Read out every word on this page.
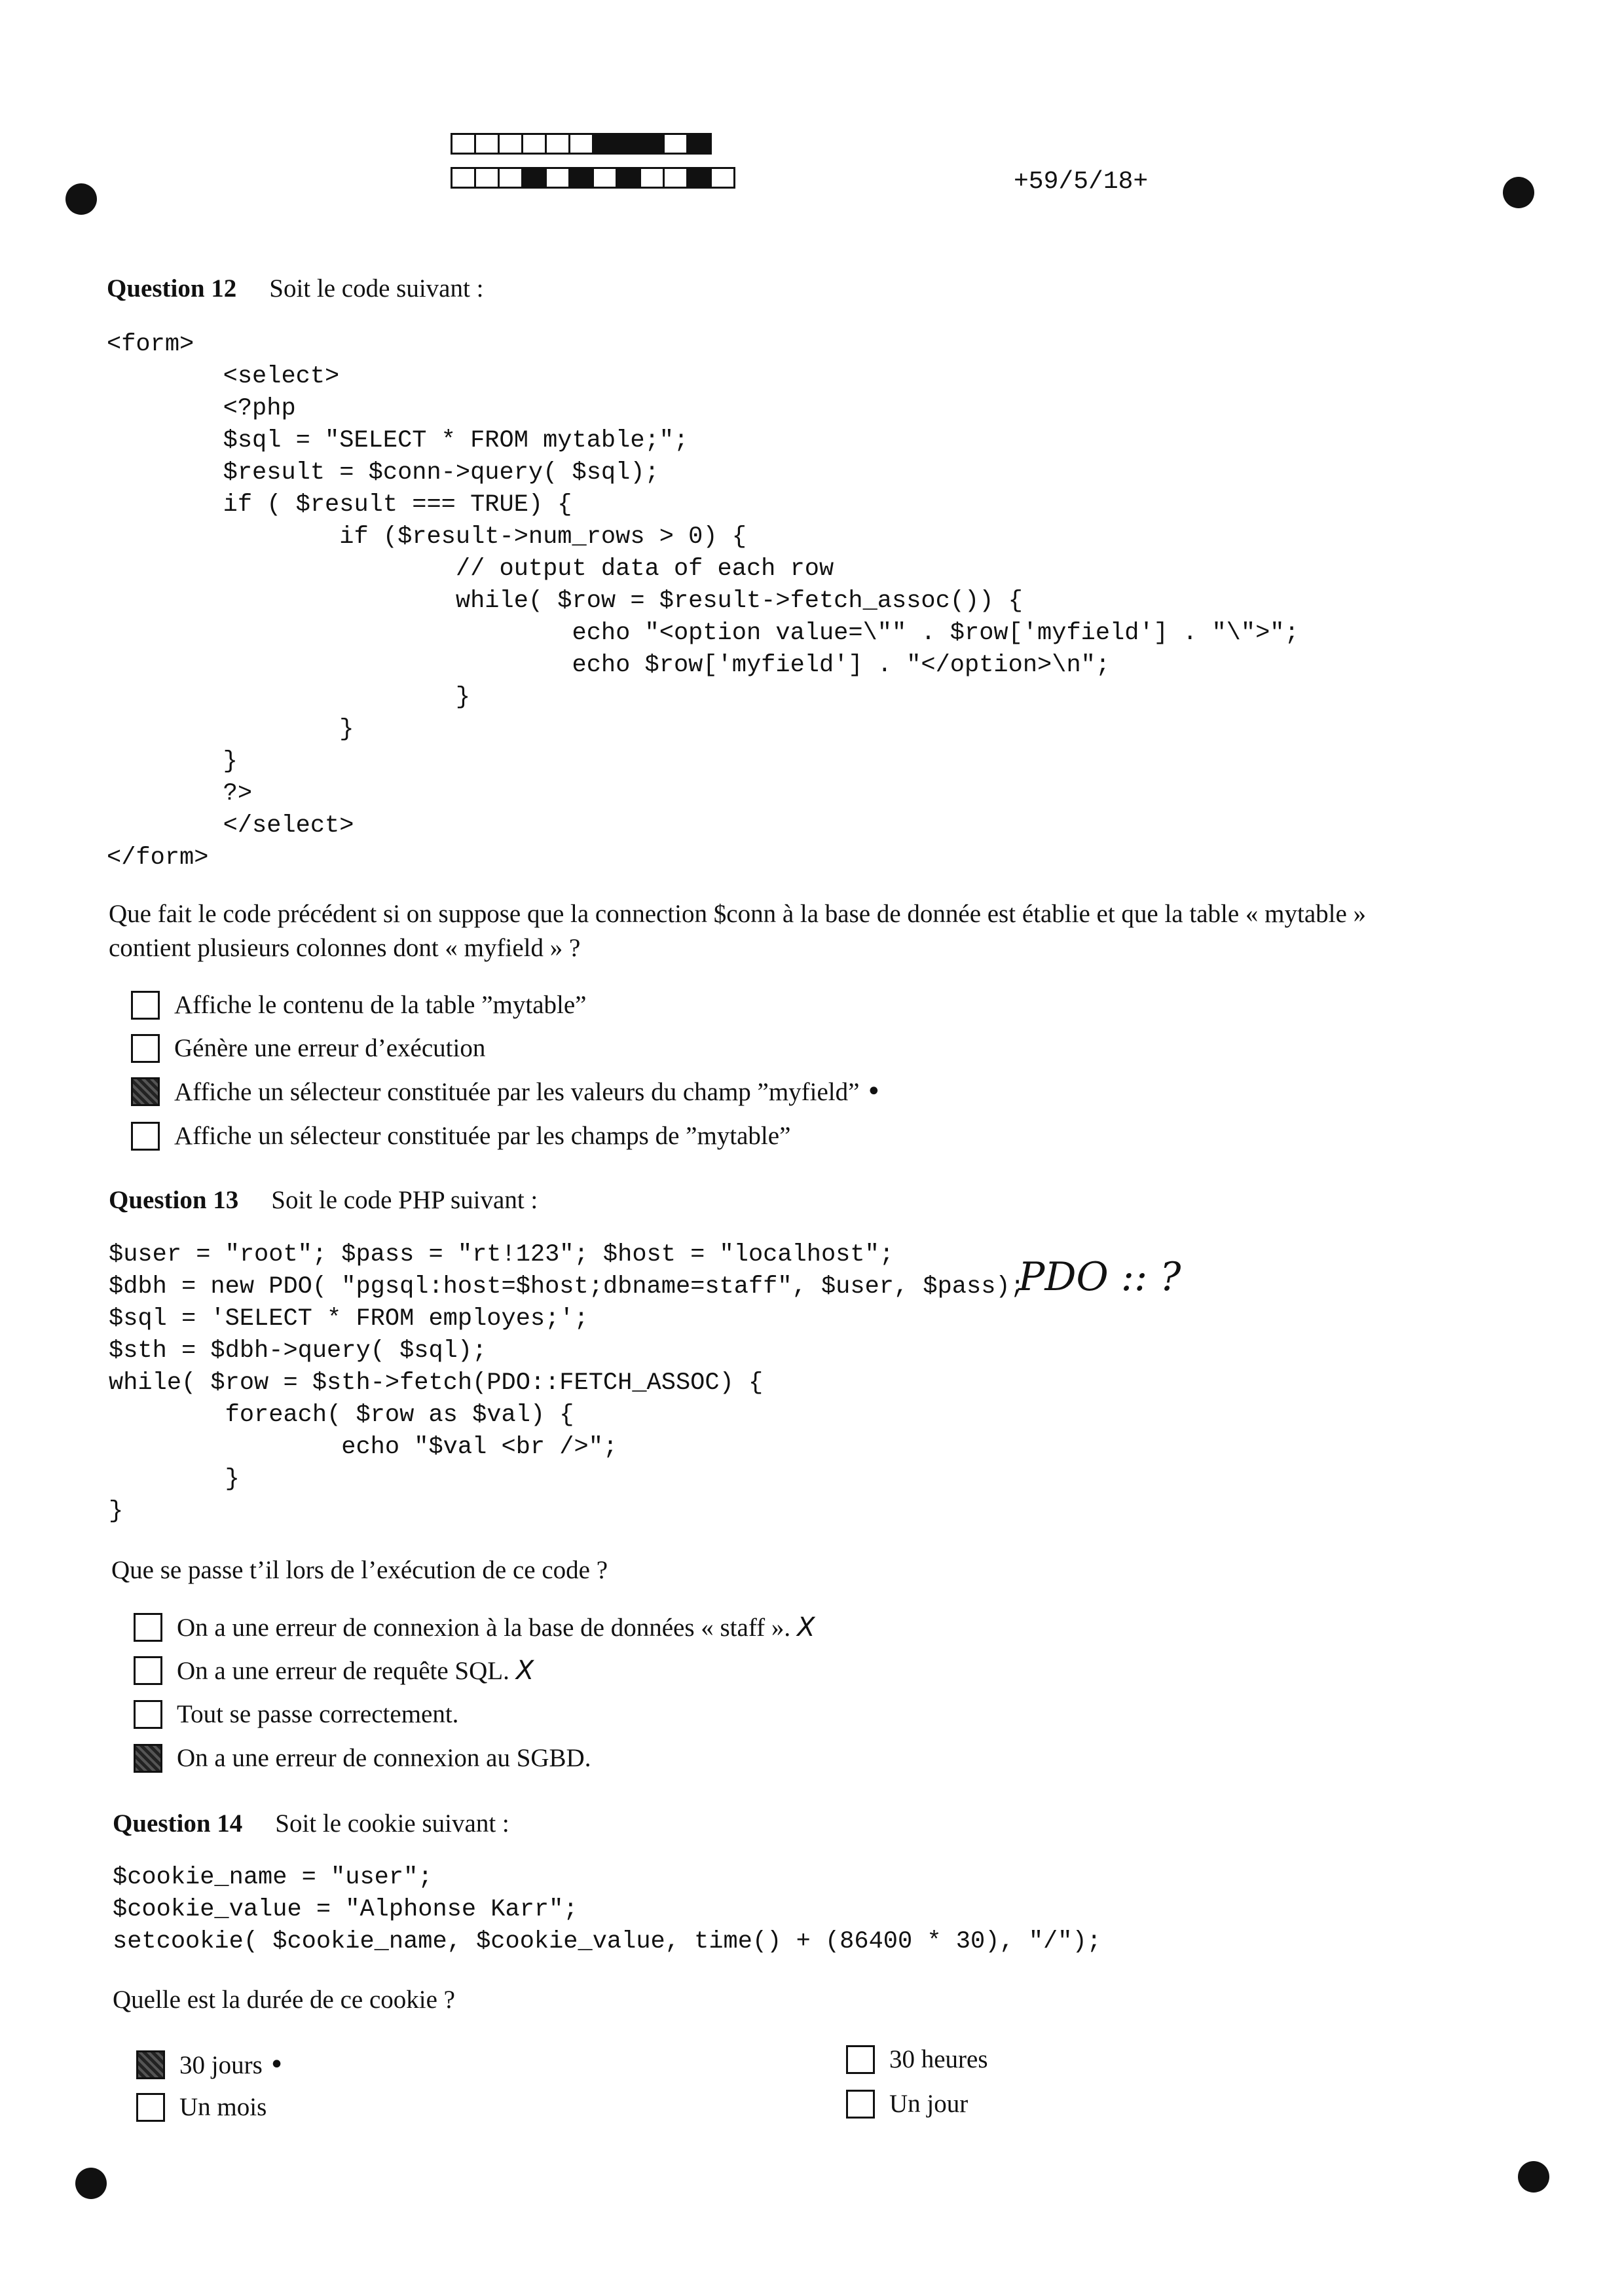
+59/5/18+
Question 12 Soit le code suivant :
<form>
<select>
<?php
$sql = "SELECT * FROM mytable;";
$result = $conn->query( $sql);
if ( $result === TRUE) {
if ($result->num_rows > 0) {
// output data of each row
while( $row = $result->fetch_assoc()) {
echo "<option value=\"" . $row['myfield'] . "\">";
echo $row['myfield'] . "</option>\n";
}
}
}
?>
</select>
</form>
Que fait le code précédent si on suppose que la connection $conn à la base de donnée est établie et que la table « mytable »
contient plusieurs colonnes dont « myfield » ?
Affiche le contenu de la table ”mytable”
Génère une erreur d’exécution
Affiche un sélecteur constituée par les valeurs du champ ”myfield” •
Affiche un sélecteur constituée par les champs de ”mytable”
Question 13 Soit le code PHP suivant :
$user = "root"; $pass = "rt!123"; $host = "localhost";
$dbh = new PDO( "pgsql:host=$host;dbname=staff", $user, $pass);
$sql = 'SELECT * FROM employes;';
$sth = $dbh->query( $sql);
while( $row = $sth->fetch(PDO::FETCH_ASSOC) {
foreach( $row as $val) {
echo "$val <br />";
}
}
PDO :: ?
Que se passe t’il lors de l’exécution de ce code ?
On a une erreur de connexion à la base de données « staff ». X
On a une erreur de requête SQL. X
Tout se passe correctement.
On a une erreur de connexion au SGBD.
Question 14 Soit le cookie suivant :
$cookie_name = "user";
$cookie_value = "Alphonse Karr";
setcookie( $cookie_name, $cookie_value, time() + (86400 * 30), "/");
Quelle est la durée de ce cookie ?
30 jours •	30 heures
Un mois	Un jour
